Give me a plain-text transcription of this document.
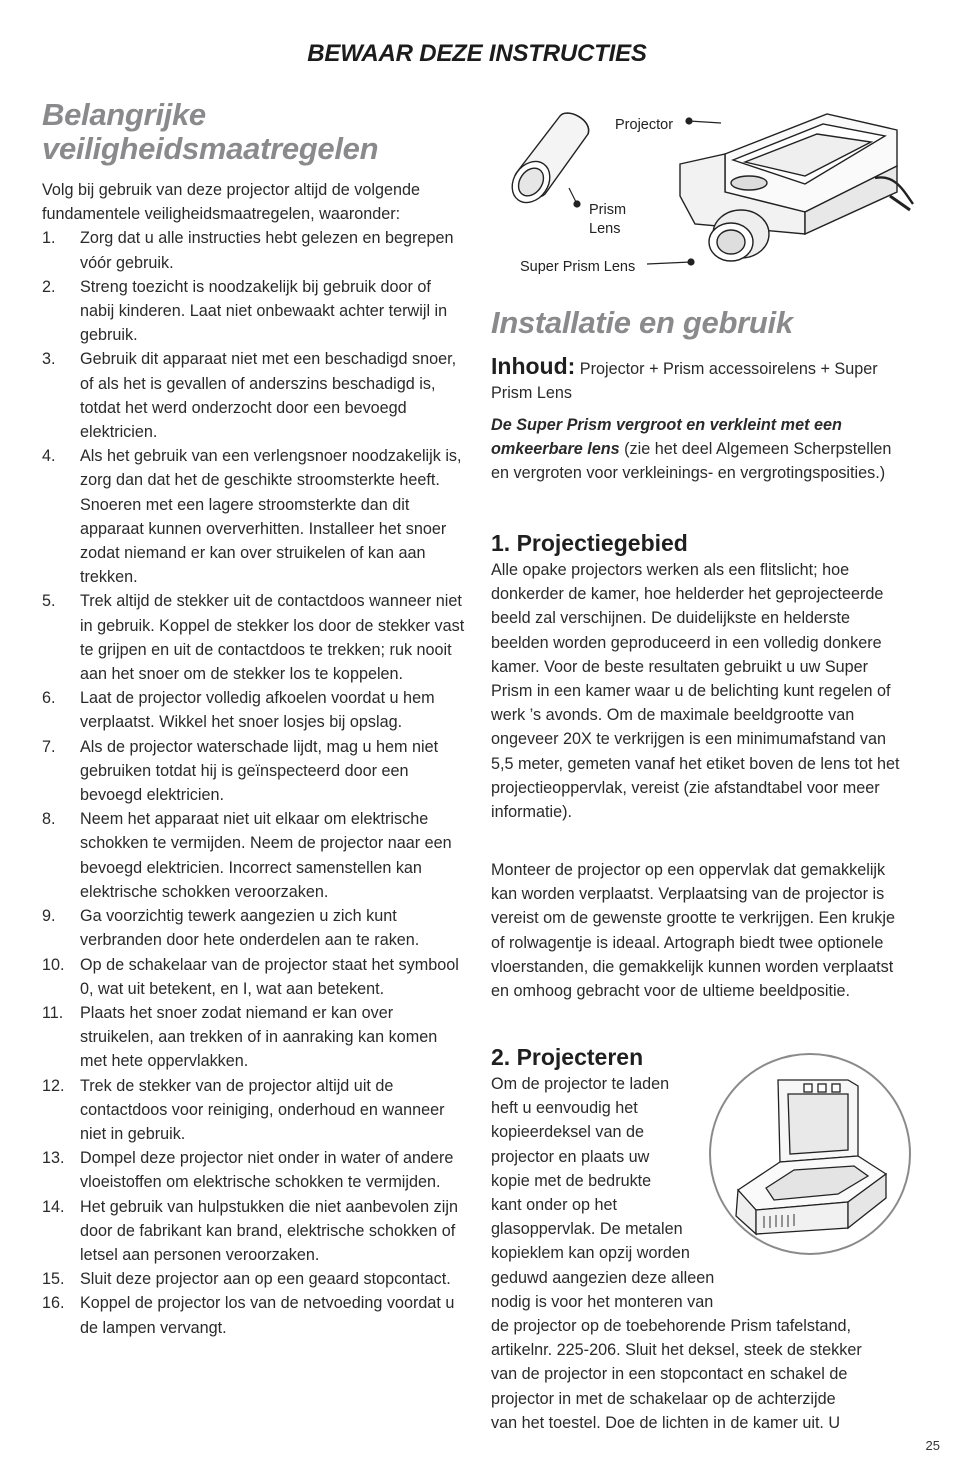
BEWAAR DEZE INSTRUCTIES
Belangrijke
veiligheidsmaatregelen
Volg bij gebruik van deze projector altijd de volgende fundamentele veiligheidsmaatregelen, waaronder:
1. Zorg dat u alle instructies hebt gelezen en begrepen vóór gebruik.
2. Streng toezicht is noodzakelijk bij gebruik door of nabij kinderen. Laat niet onbewaakt achter terwijl in gebruik.
3. Gebruik dit apparaat niet met een beschadigd snoer, of als het is gevallen of anderszins beschadigd is, totdat het werd onderzocht door een bevoegd elektricien.
4. Als het gebruik van een verlengsnoer noodzakelijk is, zorg dan dat het de geschikte stroomsterkte heeft. Snoeren met een lagere stroomsterkte dan dit apparaat kunnen oververhitten. Installeer het snoer zodat niemand er kan over struikelen of kan aan trekken.
5. Trek altijd de stekker uit de contactdoos wanneer niet in gebruik. Koppel de stekker los door de stekker vast te grijpen en uit de contactdoos te trekken; ruk nooit aan het snoer om de stekker los te koppelen.
6. Laat de projector volledig afkoelen voordat u hem verplaatst. Wikkel het snoer losjes bij opslag.
7. Als de projector waterschade lijdt, mag u hem niet gebruiken totdat hij is geïnspecteerd door een bevoegd elektricien.
8. Neem het apparaat niet uit elkaar om elektrische schokken te vermijden. Neem de projector naar een bevoegd elektricien. Incorrect samenstellen kan elektrische schokken veroorzaken.
9. Ga voorzichtig tewerk aangezien u zich kunt verbranden door hete onderdelen aan te raken.
10. Op de schakelaar van de projector staat het symbool 0, wat uit betekent, en I, wat aan betekent.
11. Plaats het snoer zodat niemand er kan over struikelen, aan trekken of in aanraking kan komen met hete oppervlakken.
12. Trek de stekker van de projector altijd uit de contactdoos voor reiniging, onderhoud en wanneer niet in gebruik.
13. Dompel deze projector niet onder in water of andere vloeistoffen om elektrische schokken te vermijden.
14. Het gebruik van hulpstukken die niet aanbevolen zijn door de fabrikant kan brand, elektrische schokken of letsel aan personen veroorzaken.
15. Sluit deze projector aan op een geaard stopcontact.
16. Koppel de projector los van de netvoeding voordat u de lampen vervangt.
Projector
Prism
Lens
Super Prism Lens
Installatie en gebruik
Inhoud: Projector + Prism accessoirelens + Super Prism Lens
De Super Prism vergroot en verkleint met een omkeerbare lens (zie het deel Algemeen Scherpstellen en vergroten voor verkleinings- en vergrotingsposities.)
1. Projectiegebied
Alle opake projectors werken als een flitslicht; hoe donkerder de kamer, hoe helderder het geprojecteerde beeld zal verschijnen. De duidelijkste en helderste beelden worden geproduceerd in een volledig donkere kamer. Voor de beste resultaten gebruikt u uw Super Prism in een kamer waar u de belichting kunt regelen of werk ’s avonds. Om de maximale beeldgrootte van ongeveer 20X te verkrijgen is een minimumafstand van 5,5 meter, gemeten vanaf het etiket boven de lens tot het projectieoppervlak, vereist (zie afstandtabel voor meer informatie).
Monteer de projector op een oppervlak dat gemakkelijk kan worden verplaatst. Verplaatsing van de projector is vereist om de gewenste grootte te verkrijgen. Een krukje of rolwagentje is ideaal. Artograph biedt twee optionele vloerstanden, die gemakkelijk kunnen worden verplaatst en omhoog gebracht voor de ultieme beeldpositie.
2. Projecteren
Om de projector te laden
heft u eenvoudig het
kopieerdeksel van de
projector en plaats uw
kopie met de bedrukte
kant onder op het
glasoppervlak. De metalen
kopieklem kan opzij worden
geduwd aangezien deze alleen
nodig is voor het monteren van
de projector op de toebehorende Prism tafelstand,
artikelnr. 225-206. Sluit het deksel, steek de stekker
van de projector in een stopcontact en schakel de
projector in met de schakelaar op de achterzijde
van het toestel. Doe de lichten in de kamer uit. U
25
